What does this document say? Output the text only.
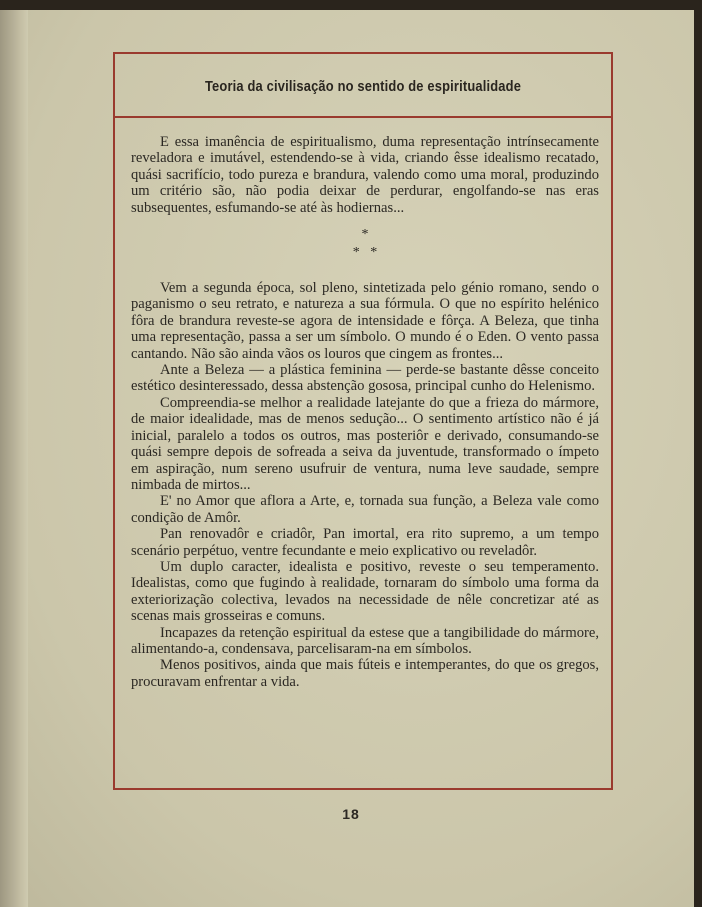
Teoria da civilisação no sentido de espiritualidade

E essa imanência de espiritualismo, duma representação intrínsecamente reveladora e imutável, estendendo-se à vida, criando êsse idealismo recatado, quási sacrifício, todo pureza e brandura, valendo como uma moral, produzindo um critério são, não podia deixar de perdurar, engolfando-se nas eras subsequentes, esfumando-se até às hodiernas...

*
*   *

Vem a segunda época, sol pleno, sintetizada pelo génio romano, sendo o paganismo o seu retrato, e natureza a sua fórmula. O que no espírito helénico fôra de brandura reveste-se agora de intensidade e fôrça. A Beleza, que tinha uma representação, passa a ser um símbolo. O mundo é o Eden. O vento passa cantando. Não são ainda vãos os louros que cingem as frontes...

Ante a Beleza — a plástica feminina — perde-se bastante dêsse conceito estético desinteressado, dessa abstenção gososa, principal cunho do Helenismo.

Compreendia-se melhor a realidade latejante do que a frieza do mármore, de maior idealidade, mas de menos sedução... O sentimento artístico não é já inicial, paralelo a todos os outros, mas posteriôr e derivado, consumando-se quási sempre depois de sofreada a seiva da juventude, transformado o ímpeto em aspiração, num sereno usufruir de ventura, numa leve saudade, sempre nimbada de mirtos...

E' no Amor que aflora a Arte, e, tornada sua função, a Beleza vale como condição de Amôr.

Pan renovadôr e criadôr, Pan imortal, era rito supremo, a um tempo scenário perpétuo, ventre fecundante e meio explicativo ou reveladôr.

Um duplo caracter, idealista e positivo, reveste o seu temperamento. Idealistas, como que fugindo à realidade, tornaram do símbolo uma forma da exteriorização colectiva, levados na necessidade de nêle concretizar até as scenas mais grosseiras e comuns.

Incapazes da retenção espiritual da estese que a tangibilidade do mármore, alimentando-a, condensava, parcelisaram-na em símbolos.

Menos positivos, ainda que mais fúteis e intemperantes, do que os gregos, procuravam enfrentar a vida.

18
